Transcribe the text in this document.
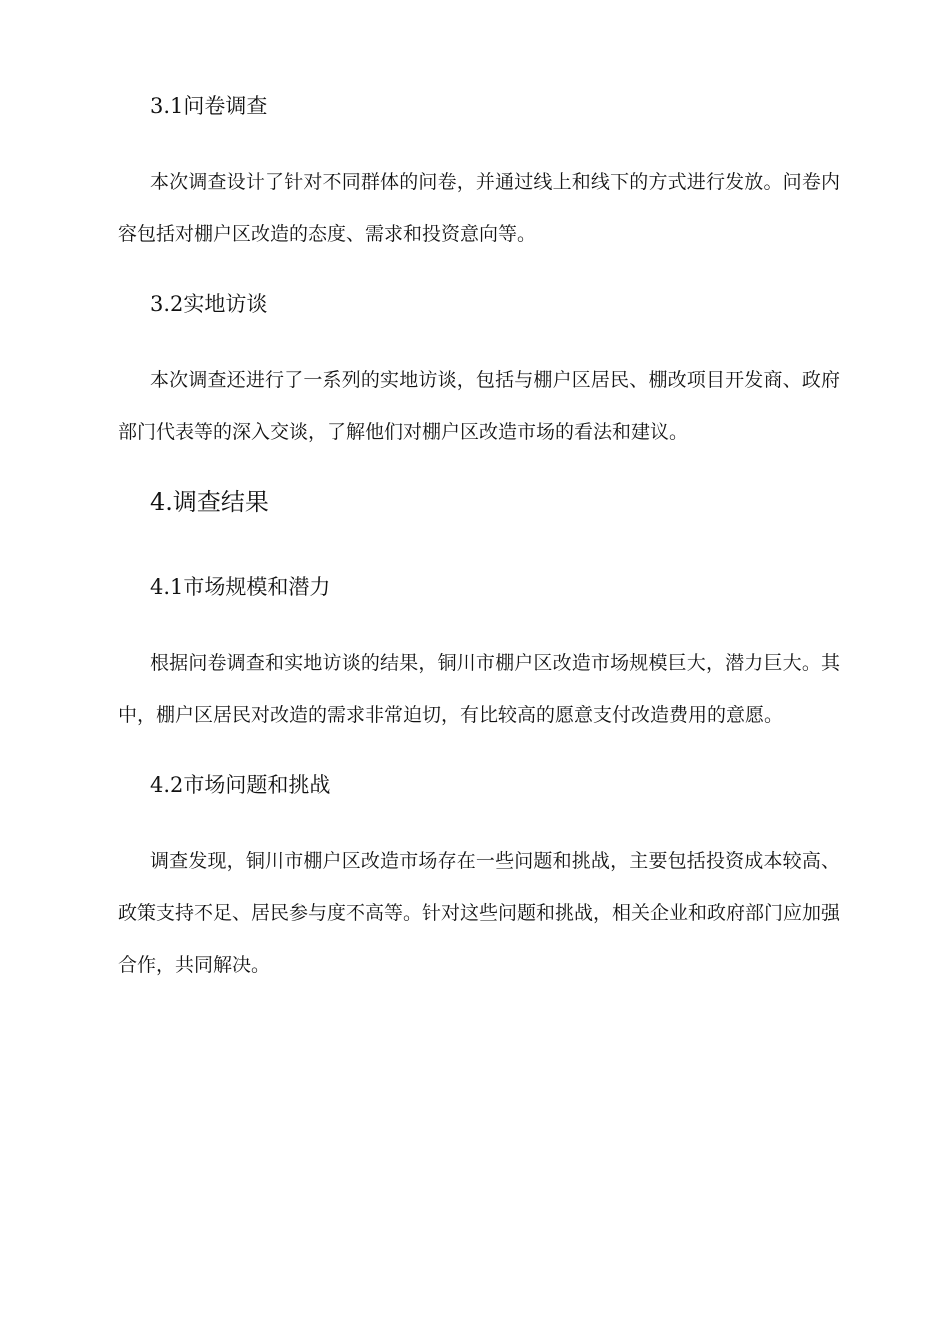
3.1问卷调查

本次调查设计了针对不同群体的问卷，并通过线上和线下的方式进行发放。问卷内容包括对棚户区改造的态度、需求和投资意向等。

3.2实地访谈

本次调查还进行了一系列的实地访谈，包括与棚户区居民、棚改项目开发商、政府部门代表等的深入交谈，了解他们对棚户区改造市场的看法和建议。

4.调查结果
4.1市场规模和潜力

根据问卷调查和实地访谈的结果，铜川市棚户区改造市场规模巨大，潜力巨大。其中，棚户区居民对改造的需求非常迫切，有比较高的愿意支付改造费用的意愿。

4.2市场问题和挑战

调查发现，铜川市棚户区改造市场存在一些问题和挑战，主要包括投资成本较高、政策支持不足、居民参与度不高等。针对这些问题和挑战，相关企业和政府部门应加强合作，共同解决。
